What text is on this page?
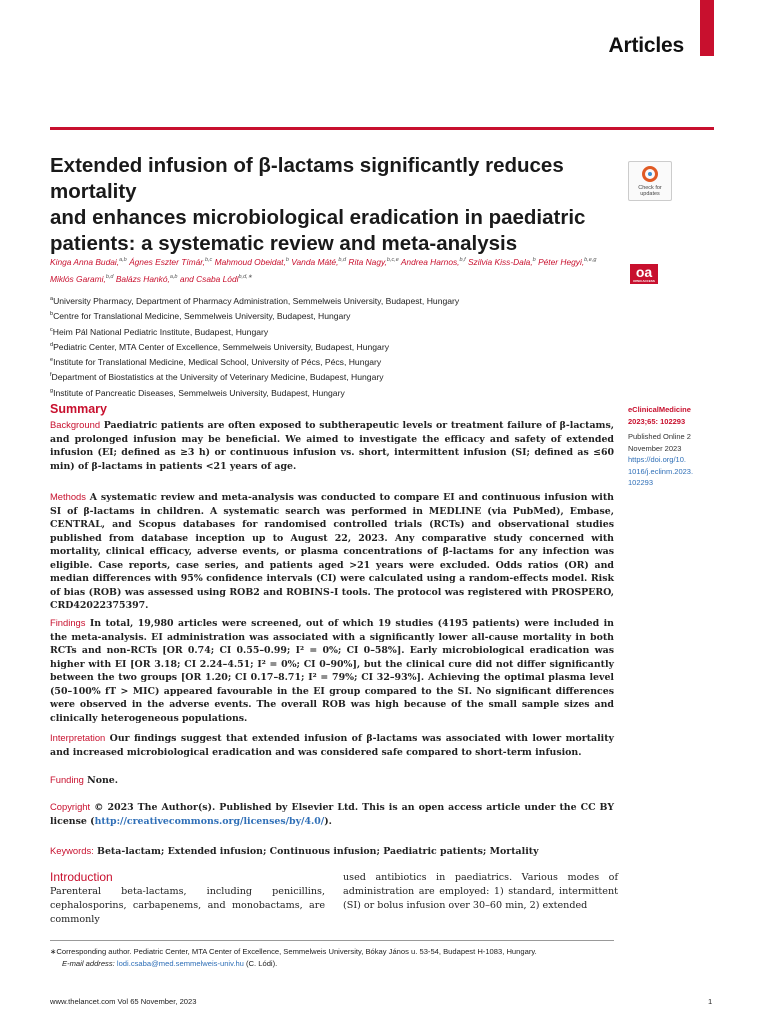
Articles
Extended infusion of β-lactams significantly reduces mortality
and enhances microbiological eradication in paediatric
patients: a systematic review and meta-analysis
Check for
updates
oa
OPEN ACCESS
Kinga Anna Budai,$^{a,b}$ Ágnes Eszter Tímár,$^{b,c}$ Mahmoud Obeidat,$^b$ Vanda Máté,$^{b,d}$ Rita Nagy,$^{b,c,e}$ Andrea Harnos,$^{b,f}$ Szilvia Kiss-Dala,$^b$ Péter Hegyi,$^{b,e,g}$
Miklós Garami,$^{b,d}$ Balázs Hankó,$^{a,b}$ and Csaba Lódi$^{b,d,∗}$
$^a$University Pharmacy, Department of Pharmacy Administration, Semmelweis University, Budapest, Hungary
$^b$Centre for Translational Medicine, Semmelweis University, Budapest, Hungary
$^c$Heim Pál National Pediatric Institute, Budapest, Hungary
$^d$Pediatric Center, MTA Center of Excellence, Semmelweis University, Budapest, Hungary
$^e$Institute for Translational Medicine, Medical School, University of Pécs, Pécs, Hungary
$^f$Department of Biostatistics at the University of Veterinary Medicine, Budapest, Hungary
$^g$Institute of Pancreatic Diseases, Semmelweis University, Budapest, Hungary
eClinicalMedicine
2023;65: 102293
Published Online 2
November 2023
https://doi.org/10.
1016/j.eclinm.2023.
102293
Summary
Background Paediatric patients are often exposed to subtherapeutic levels or treatment failure of β-lactams, and prolonged infusion may be beneficial. We aimed to investigate the efficacy and safety of extended infusion (EI; defined as ≥3 h) or continuous infusion vs. short, intermittent infusion (SI; defined as ≤60 min) of β-lactams in patients <21 years of age.
Methods A systematic review and meta-analysis was conducted to compare EI and continuous infusion with SI of β-lactams in children. A systematic search was performed in MEDLINE (via PubMed), Embase, CENTRAL, and Scopus databases for randomised controlled trials (RCTs) and observational studies published from database inception up to August 22, 2023. Any comparative study concerned with mortality, clinical efficacy, adverse events, or plasma concentrations of β-lactams for any infection was eligible. Case reports, case series, and patients aged >21 years were excluded. Odds ratios (OR) and median differences with 95% confidence intervals (CI) were calculated using a random-effects model. Risk of bias (ROB) was assessed using ROB2 and ROBINS-I tools. The protocol was registered with PROSPERO, CRD42022375397.
Findings In total, 19,980 articles were screened, out of which 19 studies (4195 patients) were included in the meta-analysis. EI administration was associated with a significantly lower all-cause mortality in both RCTs and non-RCTs [OR 0.74; CI 0.55–0.99; I² = 0%; CI 0–58%]. Early microbiological eradication was higher with EI [OR 3.18; CI 2.24–4.51; I² = 0%; CI 0–90%], but the clinical cure did not differ significantly between the two groups [OR 1.20; CI 0.17–8.71; I² = 79%; CI 32–93%]. Achieving the optimal plasma level (50–100% fT > MIC) appeared favourable in the EI group compared to the SI. No significant differences were observed in the adverse events. The overall ROB was high because of the small sample sizes and clinically heterogeneous populations.
Interpretation Our findings suggest that extended infusion of β-lactams was associated with lower mortality and increased microbiological eradication and was considered safe compared to short-term infusion.
Funding None.
Copyright © 2023 The Author(s). Published by Elsevier Ltd. This is an open access article under the CC BY license (http://creativecommons.org/licenses/by/4.0/).
Keywords: Beta-lactam; Extended infusion; Continuous infusion; Paediatric patients; Mortality
Introduction
Parenteral beta-lactams, including penicillins, cephalosporins, carbapenems, and monobactams, are commonly
used antibiotics in paediatrics. Various modes of administration are employed: 1) standard, intermittent (SI) or bolus infusion over 30–60 min, 2) extended
∗Corresponding author. Pediatric Center, MTA Center of Excellence, Semmelweis University, Bókay János u. 53-54, Budapest H-1083, Hungary.
E-mail address: lodi.csaba@med.semmelweis-univ.hu (C. Lódi).
www.thelancet.com Vol 65 November, 2023	1
